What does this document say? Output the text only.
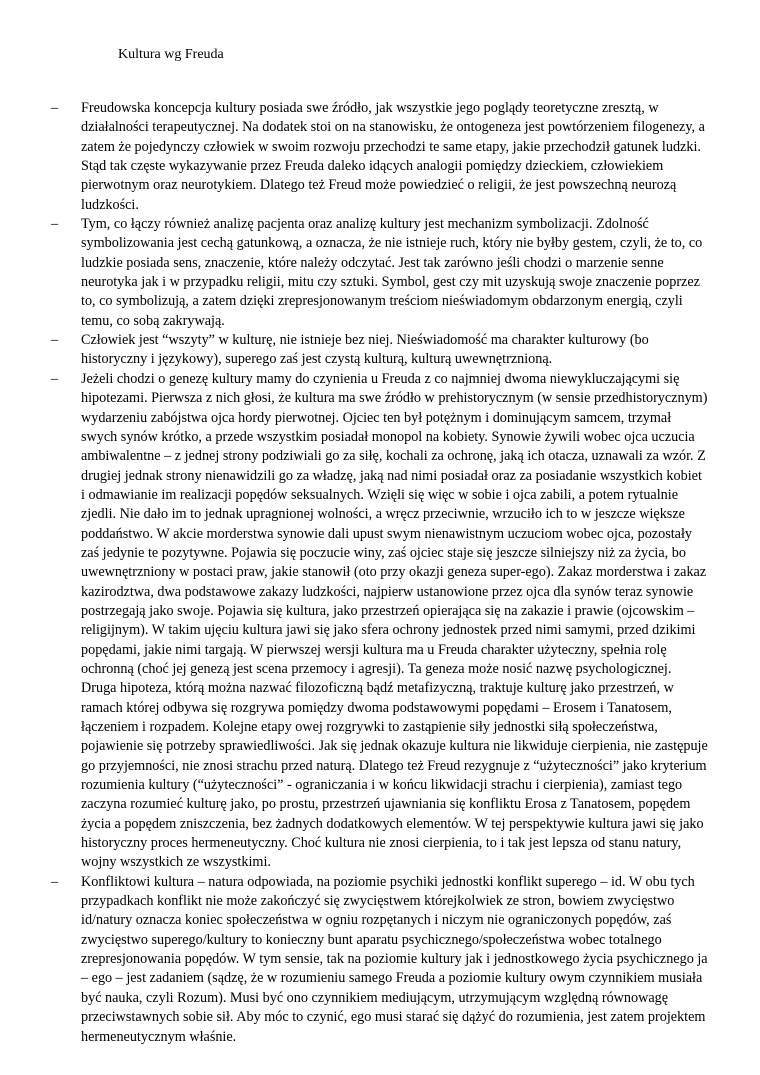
Kultura wg Freuda
–	Freudowska koncepcja kultury posiada swe źródło, jak wszystkie jego poglądy teoretyczne zresztą, w działalności terapeutycznej. Na dodatek stoi on na stanowisku, że ontogeneza jest powtórzeniem filogenezy, a zatem że pojedynczy człowiek w swoim rozwoju przechodzi te same etapy, jakie przechodził gatunek ludzki. Stąd tak częste wykazywanie przez Freuda daleko idących analogii pomiędzy dzieckiem, człowiekiem pierwotnym oraz neurotykiem. Dlatego też Freud może powiedzieć o religii, że jest powszechną neurozą ludzkości.
–	Tym, co łączy również analizę pacjenta oraz analizę kultury jest mechanizm symbolizacji. Zdolność symbolizowania jest cechą gatunkową, a oznacza, że nie istnieje ruch, który nie byłby gestem, czyli, że to, co ludzkie posiada sens, znaczenie, które należy odczytać. Jest tak zarówno jeśli chodzi o marzenie senne neurotyka jak i w przypadku religii, mitu czy sztuki. Symbol, gest czy mit uzyskują swoje znaczenie poprzez to, co symbolizują, a zatem dzięki zrepresjonowanym treściom nieświadomym obdarzonym energią, czyli temu, co sobą zakrywają.
–	Człowiek jest “wszyty” w kulturę, nie istnieje bez niej. Nieświadomość ma charakter kulturowy (bo historyczny i językowy), superego zaś jest czystą kulturą, kulturą uwewnętrznioną.
–	Jeżeli chodzi o genezę kultury mamy do czynienia u Freuda z co najmniej dwoma niewykluczającymi się hipotezami. Pierwsza z nich głosi, że kultura ma swe źródło w prehistorycznym (w sensie przedhistorycznym) wydarzeniu zabójstwa ojca hordy pierwotnej. Ojciec ten był potężnym i dominującym samcem, trzymał swych synów krótko, a przede wszystkim posiadał monopol na kobiety. Synowie żywili wobec ojca uczucia ambiwalentne – z jednej strony podziwiali go za siłę, kochali za ochronę, jaką ich otacza, uznawali za wzór. Z drugiej jednak strony nienawidzili go za władzę, jaką nad nimi posiadał oraz za posiadanie wszystkich kobiet i odmawianie im realizacji popędów seksualnych. Wzięli się więc w sobie i ojca zabili, a potem rytualnie zjedli. Nie dało im to jednak upragnionej wolności, a wręcz przeciwnie, wrzuciło ich to w jeszcze większe poddaństwo. W akcie morderstwa synowie dali upust swym nienawistnym uczuciom wobec ojca, pozostały zaś jedynie te pozytywne. Pojawia się poczucie winy, zaś ojciec staje się jeszcze silniejszy niż za życia, bo uwewnętrzniony w postaci praw, jakie stanowił (oto przy okazji geneza super-ego). Zakaz morderstwa i zakaz kazirodztwa, dwa podstawowe zakazy ludzkości, najpierw ustanowione przez ojca dla synów teraz synowie postrzegają jako swoje. Pojawia się kultura, jako przestrzeń opierająca się na zakazie i prawie (ojcowskim – religijnym). W takim ujęciu kultura jawi się jako sfera ochrony jednostek przed nimi samymi, przed dzikimi popędami, jakie nimi targają. W pierwszej wersji kultura ma u Freuda charakter użyteczny, spełnia rolę ochronną (choć jej genezą jest scena przemocy i agresji). Ta geneza może nosić nazwę psychologicznej. Druga hipoteza, którą można nazwać filozoficzną bądź metafizyczną, traktuje kulturę jako przestrzeń, w ramach której odbywa się rozgrywa pomiędzy dwoma podstawowymi popędami – Erosem i Tanatosem, łączeniem i rozpadem. Kolejne etapy owej rozgrywki to zastąpienie siły jednostki siłą społeczeństwa, pojawienie się potrzeby sprawiedliwości. Jak się jednak okazuje kultura nie likwiduje cierpienia, nie zastępuje go przyjemności, nie znosi strachu przed naturą. Dlatego też Freud rezygnuje z “użyteczności” jako kryterium rozumienia kultury (“użyteczności” - ograniczania i w końcu likwidacji strachu i cierpienia), zamiast tego zaczyna rozumieć kulturę jako, po prostu, przestrzeń ujawniania się konfliktu Erosa z Tanatosem, popędem życia a popędem zniszczenia, bez żadnych dodatkowych elementów. W tej perspektywie kultura jawi się jako historyczny proces hermeneutyczny. Choć kultura nie znosi cierpienia, to i tak jest lepsza od stanu natury, wojny wszystkich ze wszystkimi.
–	Konfliktowi kultura – natura odpowiada, na poziomie psychiki jednostki konflikt superego – id. W obu tych przypadkach konflikt nie może zakończyć się zwycięstwem którejkolwiek ze stron, bowiem zwycięstwo id/natury oznacza koniec społeczeństwa w ogniu rozpętanych i niczym nie ograniczonych popędów, zaś zwycięstwo superego/kultury to konieczny bunt aparatu psychicznego/społeczeństwa wobec totalnego zrepresjonowania popędów. W tym sensie, tak na poziomie kultury jak i jednostkowego życia psychicznego ja – ego – jest zadaniem (sądzę, że w rozumieniu samego Freuda a poziomie kultury owym czynnikiem musiała być nauka, czyli Rozum). Musi być ono czynnikiem mediującym, utrzymującym względną równowagę przeciwstawnych sobie sił. Aby móc to czynić, ego musi starać się dążyć do rozumienia, jest zatem projektem hermeneutycznym właśnie.
